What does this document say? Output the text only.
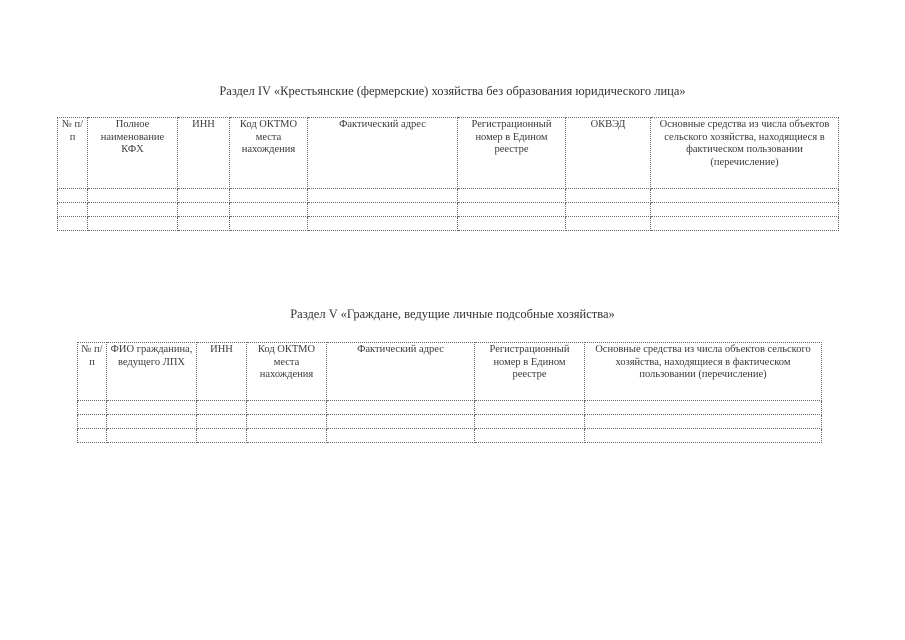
Раздел IV «Крестьянские (фермерские) хозяйства без образования юридического лица»
№ п/п	Полное наименование КФХ	ИНН	Код ОКТМО места нахождения	Фактический адрес	Регистрационный номер в Едином реестре	ОКВЭД	Основные средства из числа объектов сельского хозяйства, находящиеся в фактическом пользовании (перечисление)

Раздел V «Граждане, ведущие личные подсобные хозяйства»
№ п/п	ФИО гражданина, ведущего ЛПХ	ИНН	Код ОКТМО места нахождения	Фактический адрес	Регистрационный номер в Едином реестре	Основные средства из числа объектов сельского хозяйства, находящиеся в фактическом пользовании (перечисление)
